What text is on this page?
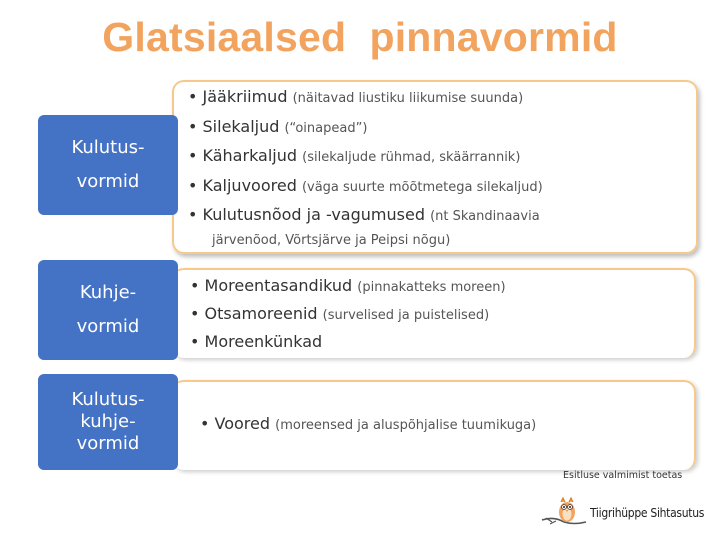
Glatsiaalsed  pinnavormid
Kulutus-
vormid
Kuhje-
vormid
Kulutus-
kuhje-
vormid
• Jääkriimud (näitavad liustiku liikumise suunda)
• Silekaljud (“oinapead”)
• Käharkaljud (silekaljude rühmad, skäärrannik)
• Kaljuvoored (väga suurte mõõtmetega silekaljud)
• Kulutusnõod ja -vagumused (nt Skandinaavia
järvenõod, Võrtsjärve ja Peipsi nõgu)
• Moreentasandikud (pinnakatteks moreen)
• Otsamoreenid (survelised ja puistelised)
• Moreenkünkad
• Voored (moreensed ja aluspõhjalise tuumikuga)
Esitluse valmimist toetas
Tiigrihüppe Sihtasutus
